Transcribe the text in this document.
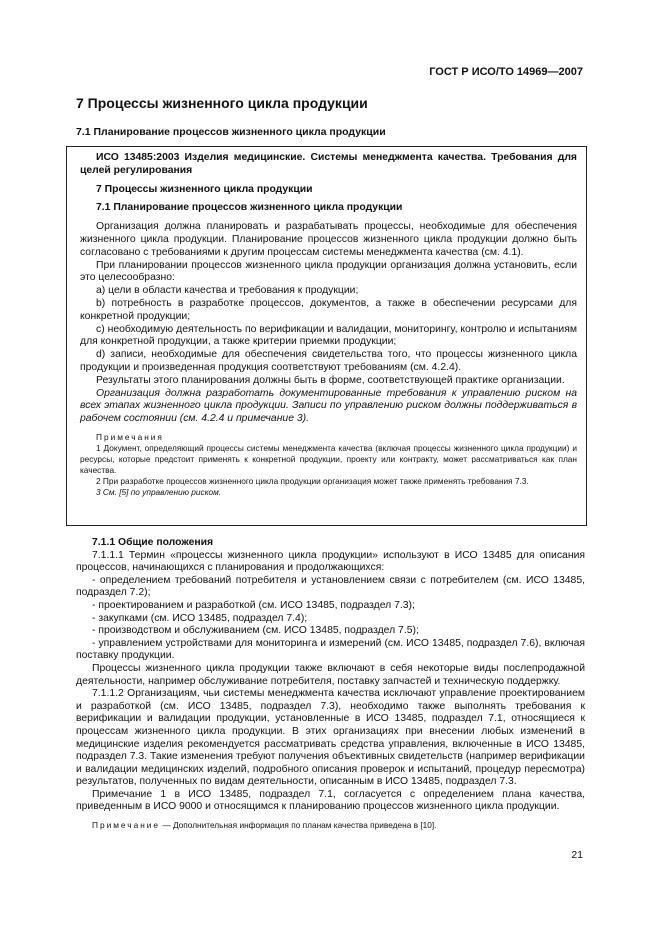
ГОСТ Р ИСО/ТО 14969—2007
7 Процессы жизненного цикла продукции
7.1 Планирование процессов жизненного цикла продукции

ИСО 13485:2003 Изделия медицинские. Системы менеджмента качества. Требования для целей регулирования

7 Процессы жизненного цикла продукции

7.1 Планирование процессов жизненного цикла продукции

Организация должна планировать и разрабатывать процессы, необходимые для обеспечения жизненного цикла продукции. Планирование процессов жизненного цикла продукции должно быть согласовано с требованиями к другим процессам системы менеджмента качества (см. 4.1).

При планировании процессов жизненного цикла продукции организация должна установить, если это целесообразно:

a) цели в области качества и требования к продукции;

b) потребность в разработке процессов, документов, а также в обеспечении ресурсами для конкретной продукции;

c) необходимую деятельность по верификации и валидации, мониторингу, контролю и испытаниям для конкретной продукции, а также критерии приемки продукции;

d) записи, необходимые для обеспечения свидетельства того, что процессы жизненного цикла продукции и произведенная продукция соответствуют требованиям (см. 4.2.4).

Результаты этого планирования должны быть в форме, соответствующей практике организации.

Организация должна разработать документированные требования к управлению риском на всех этапах жизненного цикла продукции. Записи по управлению риском должны поддерживаться в рабочем состоянии (см. 4.2.4 и примечание 3).

Примечания

1 Документ, определяющий процессы системы менеджмента качества (включая процессы жизненного цикла продукции) и ресурсы, которые предстоит применять к конкретной продукции, проекту или контракту, может рассматриваться как план качества.

2 При разработке процессов жизненного цикла продукции организация может также применять требования 7.3.

3 См. [5] по управлению риском.

7.1.1 Общие положения

7.1.1.1 Термин «процессы жизненного цикла продукции» используют в ИСО 13485 для описания процессов, начинающихся с планирования и продолжающихся:

- определением требований потребителя и установлением связи с потребителем (см. ИСО 13485, подраздел 7.2);

- проектированием и разработкой (см. ИСО 13485, подраздел 7.3);

- закупками (см. ИСО 13485, подраздел 7.4);

- производством и обслуживанием (см. ИСО 13485, подраздел 7.5);

- управлением устройствами для мониторинга и измерений (см. ИСО 13485, подраздел 7.6), включая поставку продукции.

Процессы жизненного цикла продукции также включают в себя некоторые виды послепродажной деятельности, например обслуживание потребителя, поставку запчастей и техническую поддержку.

7.1.1.2 Организациям, чьи системы менеджмента качества исключают управление проектированием и разработкой (см. ИСО 13485, подраздел 7.3), необходимо также выполнять требования к верификации и валидации продукции, установленные в ИСО 13485, подраздел 7.1, относящиеся к процессам жизненного цикла продукции. В этих организациях при внесении любых изменений в медицинские изделия рекомендуется рассматривать средства управления, включенные в ИСО 13485, подраздел 7.3. Такие изменения требуют получения объективных свидетельств (например верификации и валидации медицинских изделий, подробного описания проверок и испытаний, процедур пересмотра) результатов, полученных по видам деятельности, описанным в ИСО 13485, подраздел 7.3.

Примечание 1 в ИСО 13485, подраздел 7.1, согласуется с определением плана качества, приведенным в ИСО 9000 и относящимся к планированию процессов жизненного цикла продукции.

Примечание — Дополнительная информация по планам качества приведена в [10].

21
